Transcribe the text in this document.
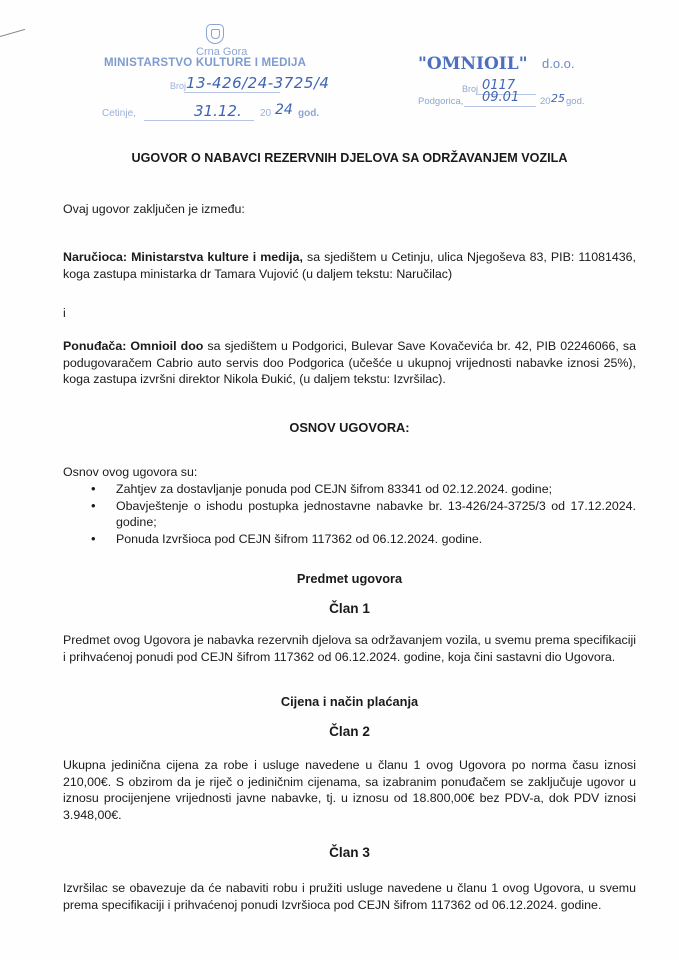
Crna Gora
MINISTARSTVO KULTURE I MEDIJA
Broj 13-426/24-3725/4
Cetinje,	31.12. 20 24 god.
"OMNIOIL" d.o.o.
Broj 0117
Podgorica, 09.01 20 25 god.
UGOVOR O NABAVCI REZERVNIH DJELOVA SA ODRŽAVANJEM VOZILA
Ovaj ugovor zaključen je između:
Naručioca: Ministarstva kulture i medija, sa sjedištem u Cetinju, ulica Njegoševa 83, PIB: 11081436, koga zastupa ministarka dr Tamara Vujović (u daljem tekstu: Naručilac)
i
Ponuđača: Omnioil doo sa sjedištem u Podgorici, Bulevar Save Kovačevića br. 42, PIB 02246066, sa podugovaračem Cabrio auto servis doo Podgorica (učešće u ukupnoj vrijednosti nabavke iznosi 25%), koga zastupa izvršni direktor Nikola Đukić, (u daljem tekstu: Izvršilac).
OSNOV UGOVORA:
Osnov ovog ugovora su:
• Zahtjev za dostavljanje ponuda pod CEJN šifrom 83341 od 02.12.2024. godine;
• Obavještenje o ishodu postupka jednostavne nabavke br. 13-426/24-3725/3 od 17.12.2024. godine;
• Ponuda Izvršioca pod CEJN šifrom 117362 od 06.12.2024. godine.
Predmet ugovora
Član 1
Predmet ovog Ugovora je nabavka rezervnih djelova sa održavanjem vozila, u svemu prema specifikaciji i prihvaćenoj ponudi pod CEJN šifrom 117362 od 06.12.2024. godine, koja čini sastavni dio Ugovora.
Cijena i način plaćanja
Član 2
Ukupna jedinična cijena za robe i usluge navedene u članu 1 ovog Ugovora po norma času iznosi 210,00€. S obzirom da je riječ o jediničnim cijenama, sa izabranim ponuđačem se zaključuje ugovor u iznosu procijenjene vrijednosti javne nabavke, tj. u iznosu od 18.800,00€ bez PDV-a, dok PDV iznosi 3.948,00€.
Član 3
Izvršilac se obavezuje da će nabaviti robu i pružiti usluge navedene u članu 1 ovog Ugovora, u svemu prema specifikaciji i prihvaćenoj ponudi Izvršioca pod CEJN šifrom 117362 od 06.12.2024. godine.
